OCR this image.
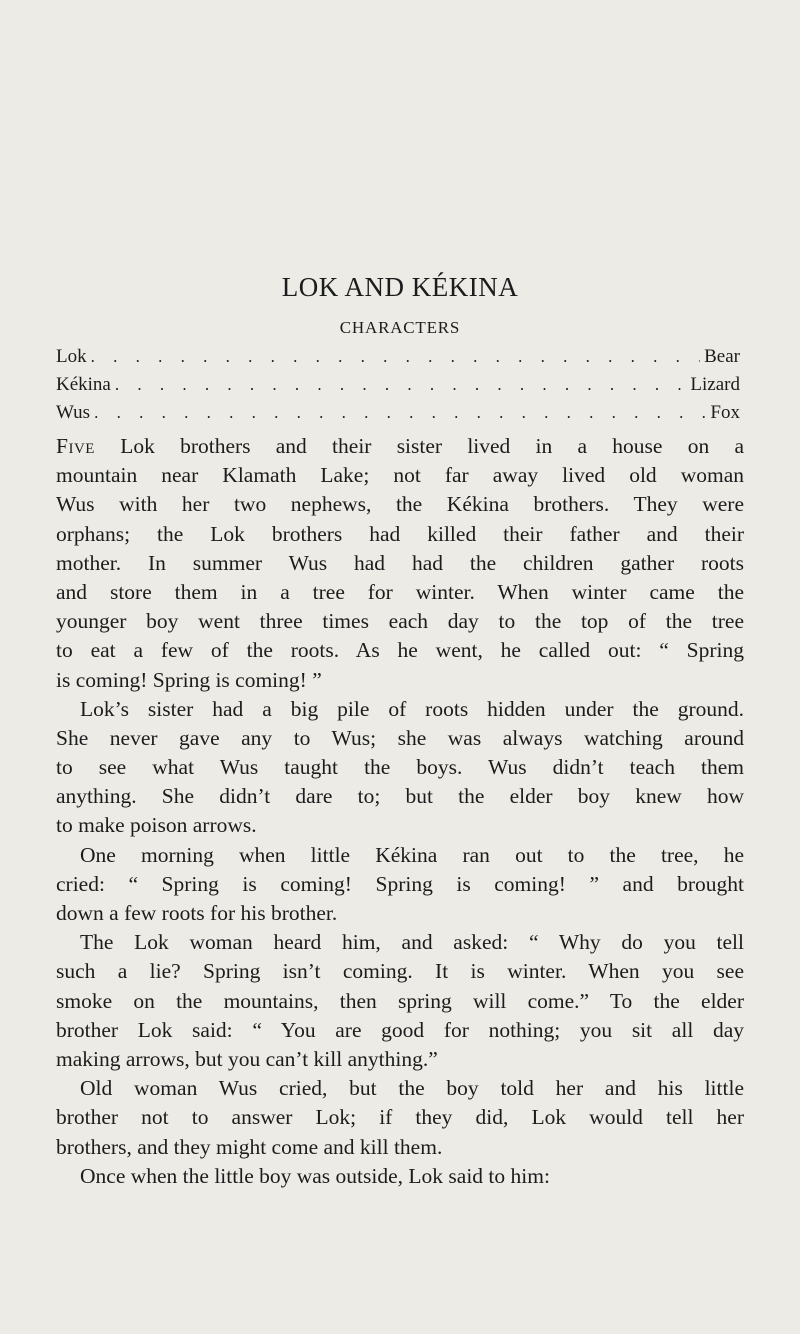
LOK AND KÉKINA
CHARACTERS
Lok . . .	Bear
Kékina . . .	Lizard
Wus . . .	Fox
Five Lok brothers and their sister lived in a house on a
mountain near Klamath Lake; not far away lived old woman
Wus with her two nephews, the Kékina brothers. They were
orphans; the Lok brothers had killed their father and their
mother. In summer Wus had had the children gather roots
and store them in a tree for winter. When winter came the
younger boy went three times each day to the top of the tree
to eat a few of the roots. As he went, he called out: “ Spring
is coming! Spring is coming! ”
Lok’s sister had a big pile of roots hidden under the ground.
She never gave any to Wus; she was always watching around
to see what Wus taught the boys. Wus didn’t teach them
anything. She didn’t dare to; but the elder boy knew how
to make poison arrows.
One morning when little Kékina ran out to the tree, he
cried: “ Spring is coming! Spring is coming! ” and brought
down a few roots for his brother.
The Lok woman heard him, and asked: “ Why do you tell
such a lie? Spring isn’t coming. It is winter. When you see
smoke on the mountains, then spring will come.” To the elder
brother Lok said: “ You are good for nothing; you sit all day
making arrows, but you can’t kill anything.”
Old woman Wus cried, but the boy told her and his little
brother not to answer Lok; if they did, Lok would tell her
brothers, and they might come and kill them.
Once when the little boy was outside, Lok said to him:
